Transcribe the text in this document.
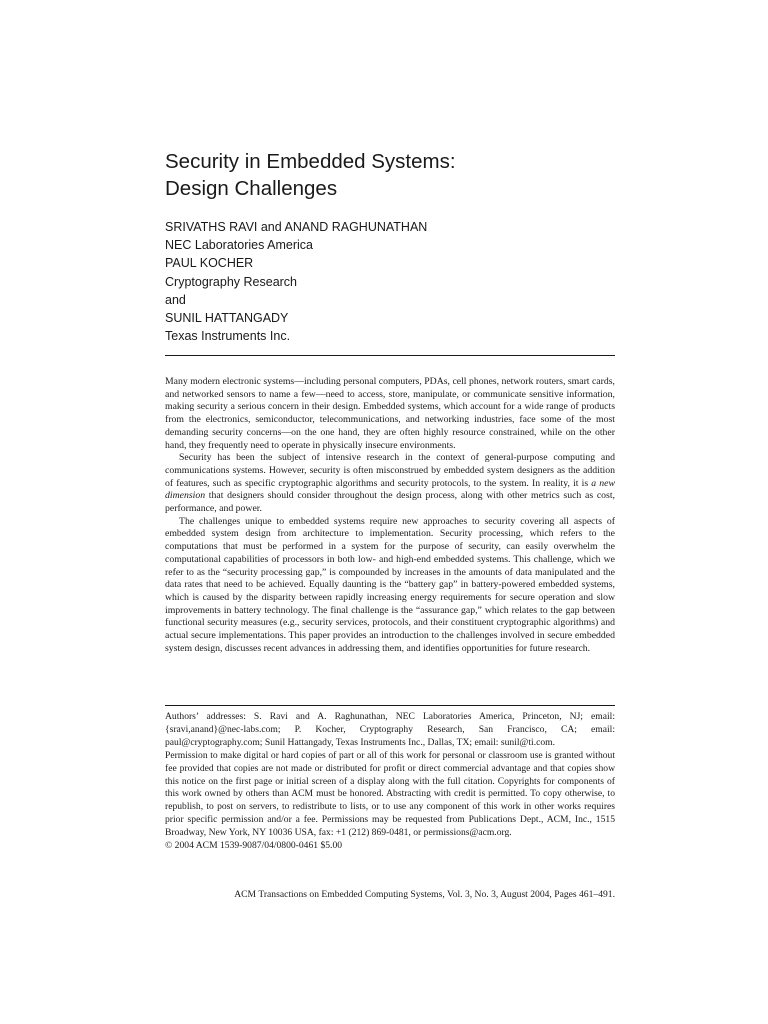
Security in Embedded Systems:
Design Challenges
SRIVATHS RAVI and ANAND RAGHUNATHAN
NEC Laboratories America
PAUL KOCHER
Cryptography Research
and
SUNIL HATTANGADY
Texas Instruments Inc.

Many modern electronic systems—including personal computers, PDAs, cell phones, network routers, smart cards, and networked sensors to name a few—need to access, store, manipulate, or communicate sensitive information, making security a serious concern in their design. Embedded systems, which account for a wide range of products from the electronics, semiconductor, telecommunications, and networking industries, face some of the most demanding security concerns—on the one hand, they are often highly resource constrained, while on the other hand, they frequently need to operate in physically insecure environments.

Security has been the subject of intensive research in the context of general-purpose computing and communications systems. However, security is often misconstrued by embedded system designers as the addition of features, such as specific cryptographic algorithms and security protocols, to the system. In reality, it is a new dimension that designers should consider throughout the design process, along with other metrics such as cost, performance, and power.

The challenges unique to embedded systems require new approaches to security covering all aspects of embedded system design from architecture to implementation. Security processing, which refers to the computations that must be performed in a system for the purpose of security, can easily overwhelm the computational capabilities of processors in both low- and high-end embedded systems. This challenge, which we refer to as the “security processing gap,” is compounded by increases in the amounts of data manipulated and the data rates that need to be achieved. Equally daunting is the “battery gap” in battery-powered embedded systems, which is caused by the disparity between rapidly increasing energy requirements for secure operation and slow improvements in battery technology. The final challenge is the “assurance gap,” which relates to the gap between functional security measures (e.g., security services, protocols, and their constituent cryptographic algorithms) and actual secure implementations. This paper provides an introduction to the challenges involved in secure embedded system design, discusses recent advances in addressing them, and identifies opportunities for future research.

Authors’ addresses: S. Ravi and A. Raghunathan, NEC Laboratories America, Princeton, NJ; email: {sravi,anand}@nec-labs.com; P. Kocher, Cryptography Research, San Francisco, CA; email: paul@cryptography.com; Sunil Hattangady, Texas Instruments Inc., Dallas, TX; email: sunil@ti.com.

Permission to make digital or hard copies of part or all of this work for personal or classroom use is granted without fee provided that copies are not made or distributed for profit or direct commercial advantage and that copies show this notice on the first page or initial screen of a display along with the full citation. Copyrights for components of this work owned by others than ACM must be honored. Abstracting with credit is permitted. To copy otherwise, to republish, to post on servers, to redistribute to lists, or to use any component of this work in other works requires prior specific permission and/or a fee. Permissions may be requested from Publications Dept., ACM, Inc., 1515 Broadway, New York, NY 10036 USA, fax: +1 (212) 869-0481, or permissions@acm.org.

© 2004 ACM 1539-9087/04/0800-0461 $5.00

ACM Transactions on Embedded Computing Systems, Vol. 3, No. 3, August 2004, Pages 461–491.
